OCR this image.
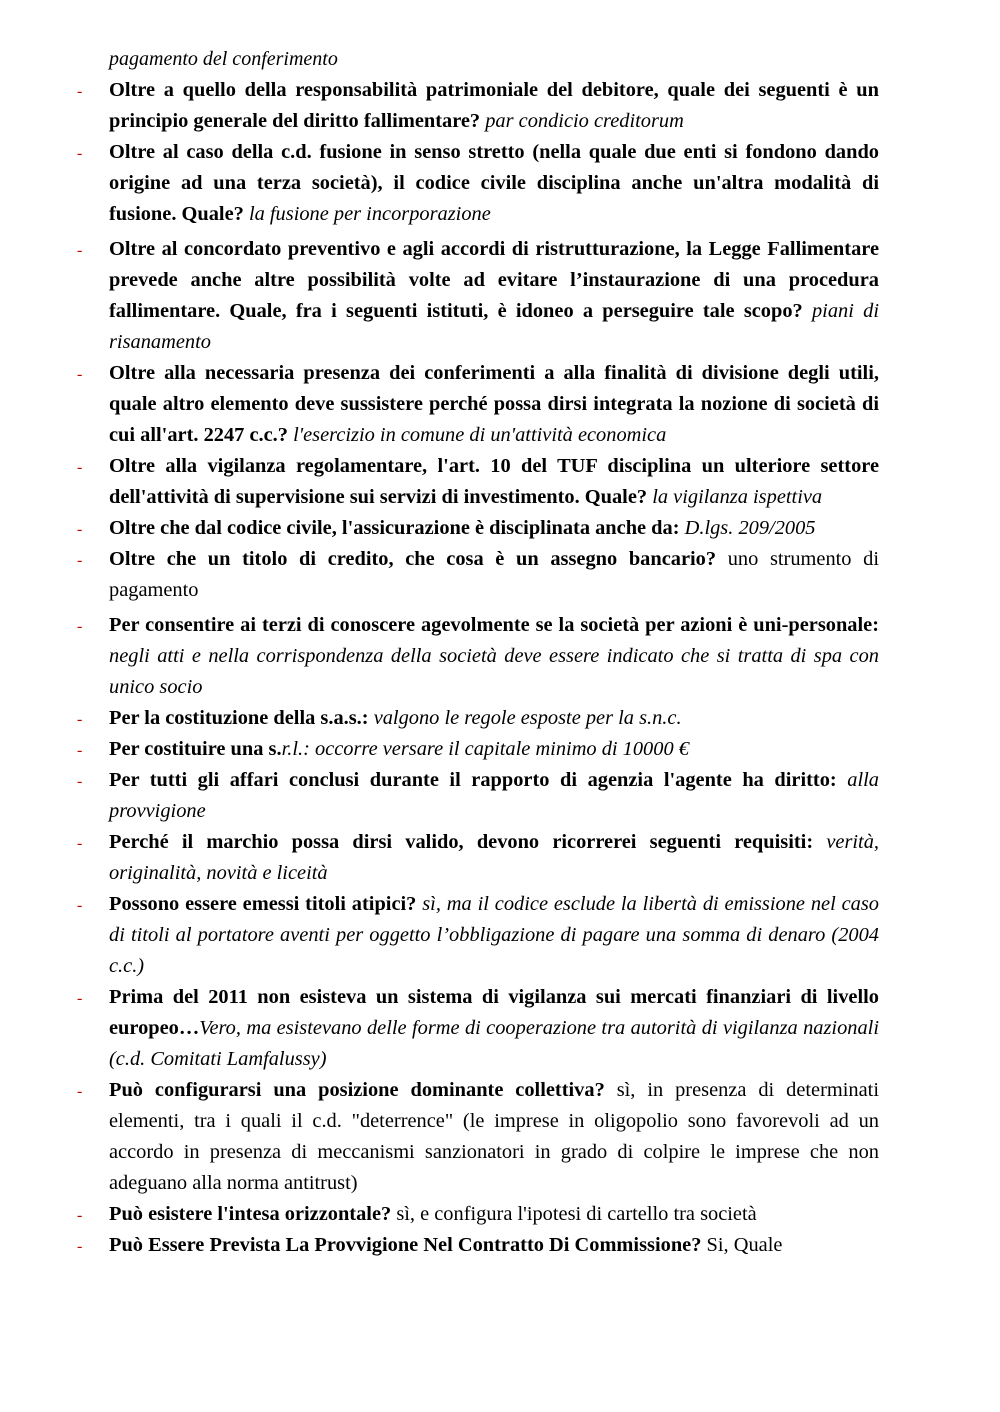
pagamento del conferimento
- Oltre a quello della responsabilità patrimoniale del debitore, quale dei seguenti è un principio generale del diritto fallimentare? par condicio creditorum
- Oltre al caso della c.d. fusione in senso stretto (nella quale due enti si fondono dando origine ad una terza società), il codice civile disciplina anche un'altra modalità di fusione. Quale? la fusione per incorporazione
- Oltre al concordato preventivo e agli accordi di ristrutturazione, la Legge Fallimentare prevede anche altre possibilità volte ad evitare l’instaurazione di una procedura fallimentare. Quale, fra i seguenti istituti, è idoneo a perseguire tale scopo? piani di risanamento
- Oltre alla necessaria presenza dei conferimenti a alla finalità di divisione degli utili, quale altro elemento deve sussistere perché possa dirsi integrata la nozione di società di cui all'art. 2247 c.c.? l'esercizio in comune di un'attività economica
- Oltre alla vigilanza regolamentare, l'art. 10 del TUF disciplina un ulteriore settore dell'attività di supervisione sui servizi di investimento. Quale? la vigilanza ispettiva
- Oltre che dal codice civile, l'assicurazione è disciplinata anche da: D.lgs. 209/2005
- Oltre che un titolo di credito, che cosa è un assegno bancario? uno strumento di pagamento
- Per consentire ai terzi di conoscere agevolmente se la società per azioni è uni-personale: negli atti e nella corrispondenza della società deve essere indicato che si tratta di spa con unico socio
- Per la costituzione della s.a.s.: valgono le regole esposte per la s.n.c.
- Per costituire una s.r.l.: occorre versare il capitale minimo di 10000 €
- Per tutti gli affari conclusi durante il rapporto di agenzia l'agente ha diritto: alla provvigione
- Perché il marchio possa dirsi valido, devono ricorrerei seguenti requisiti: verità, originalità, novità e liceità
- Possono essere emessi titoli atipici? sì, ma il codice esclude la libertà di emissione nel caso di titoli al portatore aventi per oggetto l’obbligazione di pagare una somma di denaro (2004 c.c.)
- Prima del 2011 non esisteva un sistema di vigilanza sui mercati finanziari di livello europeo…Vero, ma esistevano delle forme di cooperazione tra autorità di vigilanza nazionali (c.d. Comitati Lamfalussy)
- Può configurarsi una posizione dominante collettiva? sì, in presenza di determinati elementi, tra i quali il c.d. "deterrence" (le imprese in oligopolio sono favorevoli ad un accordo in presenza di meccanismi sanzionatori in grado di colpire le imprese che non adeguano alla norma antitrust)
- Può esistere l'intesa orizzontale? sì, e configura l'ipotesi di cartello tra società
- Può Essere Prevista La Provvigione Nel Contratto Di Commissione? Si, Quale
